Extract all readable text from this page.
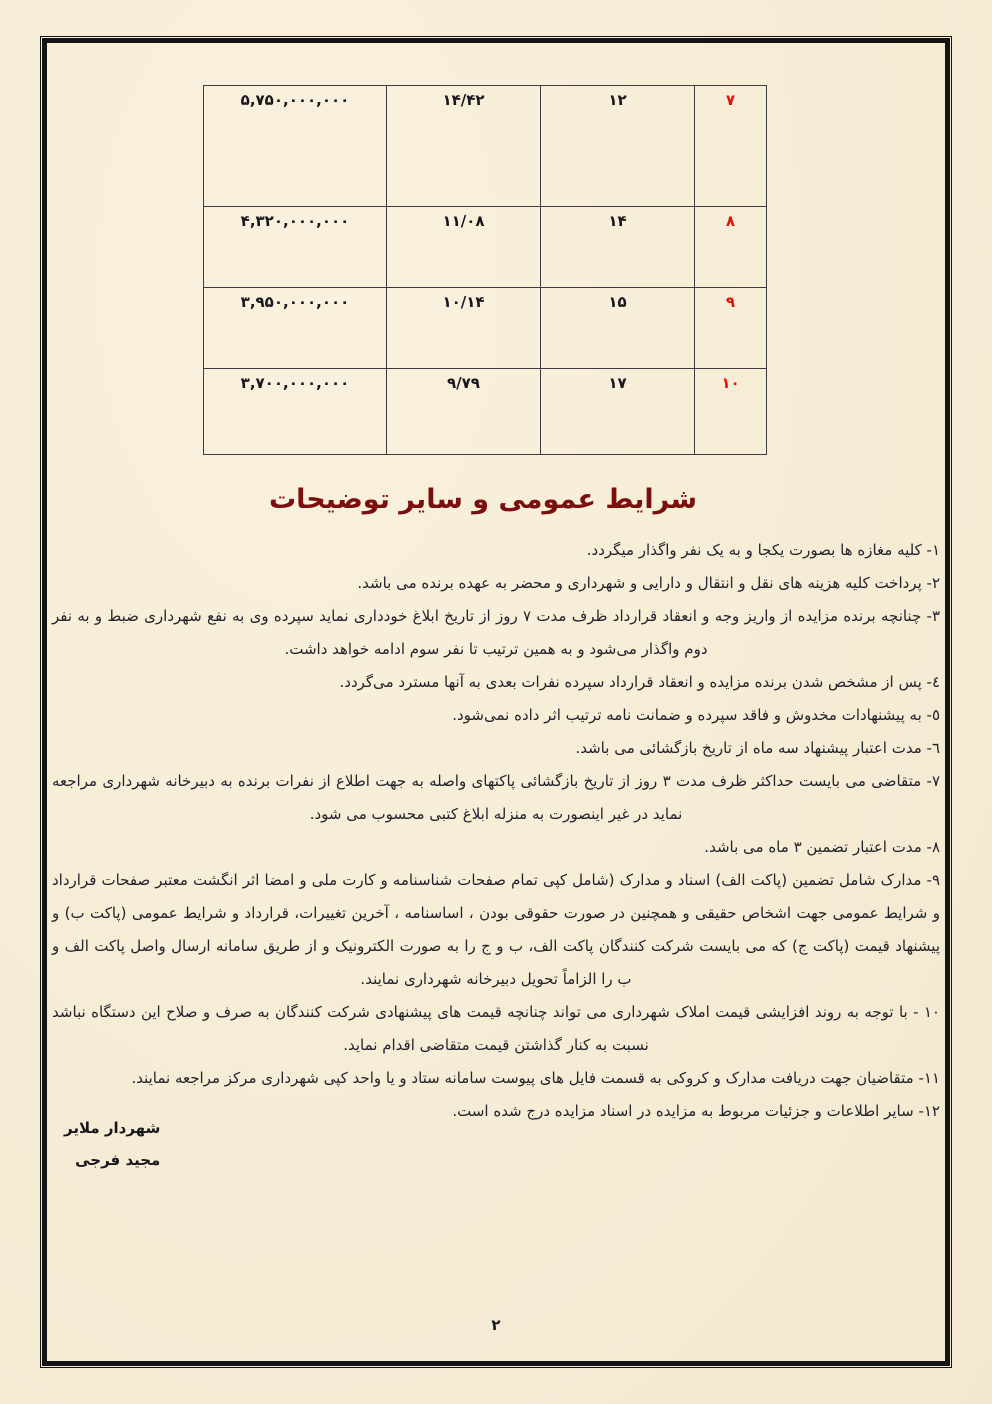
۷	۱۲	۱۴/۴۲	۵,۷۵۰,۰۰۰,۰۰۰
۸	۱۴	۱۱/۰۸	۴,۳۲۰,۰۰۰,۰۰۰
۹	۱۵	۱۰/۱۴	۳,۹۵۰,۰۰۰,۰۰۰
۱۰	۱۷	۹/۷۹	۳,۷۰۰,۰۰۰,۰۰۰
شرایط عمومی و سایر توضیحات
۱- کلیه مغازه ها بصورت یکجا و به یک نفر واگذار میگردد.
۲- پرداخت کلیه هزینه های نقل و انتقال و دارایی و شهرداری و محضر به عهده برنده می باشد.
۳- چنانچه برنده مزایده از واریز وجه و انعقاد قرارداد ظرف مدت ۷ روز از تاریخ ابلاغ خودداری نماید سپرده وی به نفع شهرداری ضبط و به نفر دوم واگذار می‌شود و به همین ترتیب تا نفر سوم ادامه خواهد داشت.
٤- پس از مشخص شدن برنده مزایده و انعقاد قرارداد سپرده نفرات بعدی به آنها مسترد می‌گردد.
٥- به پیشنهادات مخدوش و فاقد سپرده و ضمانت نامه ترتیب اثر داده نمی‌شود.
٦- مدت اعتبار پیشنهاد سه ماه از تاریخ بازگشائی می باشد.
۷- متقاضی می بایست حداکثر ظرف مدت ۳ روز از تاریخ بازگشائی پاکتهای واصله به جهت اطلاع از نفرات برنده به دبیرخانه شهرداری مراجعه نماید در غیر اینصورت به منزله ابلاغ کتبی محسوب می شود.
۸- مدت اعتبار تضمین ۳ ماه می باشد.
۹- مدارک شامل تضمین (پاکت الف) اسناد و مدارک (شامل کپی تمام صفحات شناسنامه و کارت ملی و امضا اثر انگشت معتبر صفحات قرارداد و شرایط عمومی جهت اشخاص حقیقی و همچنین در صورت حقوقی بودن ، اساسنامه ، آخرین تغییرات، قرارداد و شرایط عمومی (پاکت ب) و پیشنهاد قیمت (پاکت ج) که می بایست شرکت کنندگان پاکت الف، ب و ج را به صورت الکترونیک و از طریق سامانه ارسال واصل پاکت الف و ب را الزاماً تحویل دبیرخانه شهرداری نمایند.
۱۰ - با توجه به روند افزایشی قیمت املاک شهرداری می تواند چنانچه قیمت های پیشنهادی شرکت کنندگان به صرف و صلاح این دستگاه نباشد نسبت به کنار گذاشتن قیمت متقاضی اقدام نماید.
۱۱- متقاضیان جهت دریافت مدارک و کروکی به قسمت فایل های پیوست سامانه ستاد و یا واحد کپی شهرداری مرکز مراجعه نمایند.
۱۲- سایر اطلاعات و جزئیات مربوط به مزایده در اسناد مزایده درج شده است.
شهردار ملایر
مجید فرجی
۲
